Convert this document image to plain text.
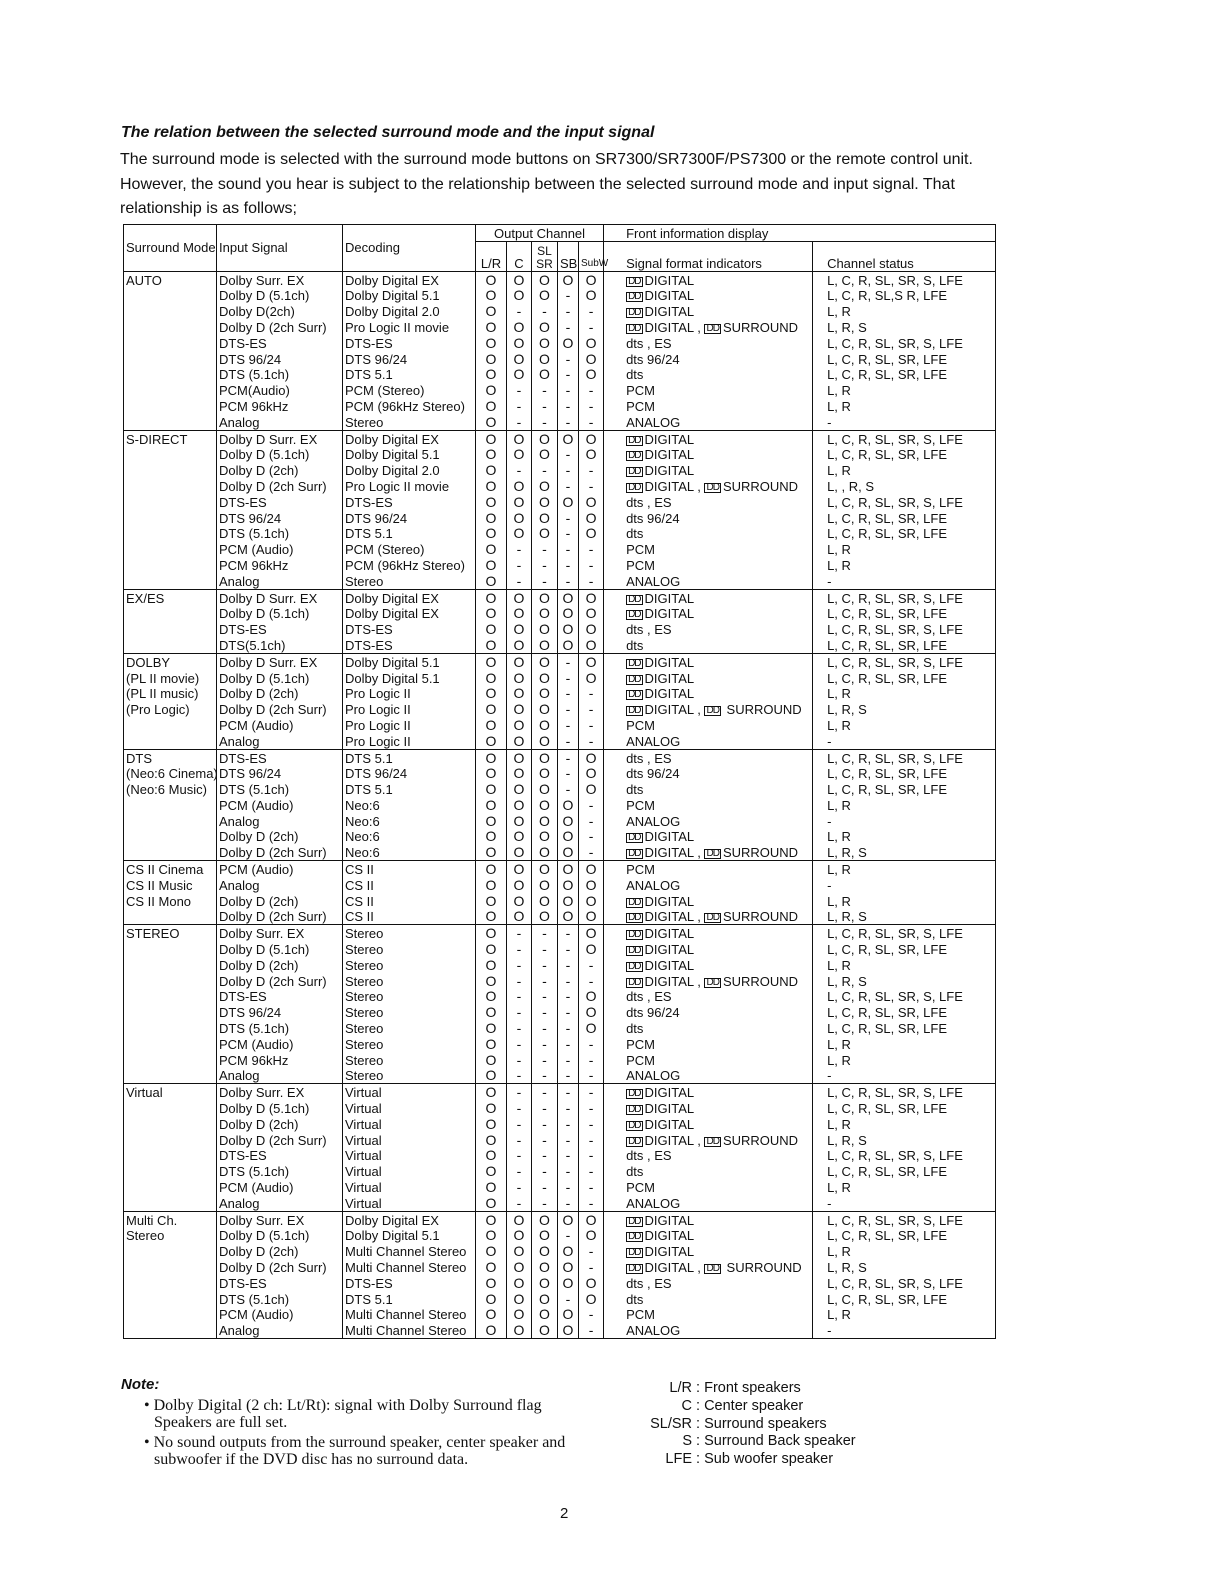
The relation between the selected surround mode and the input signal
The surround mode is selected with the surround mode buttons on SR7300/SR7300F/PS7300 or the remote control unit.
However, the sound you hear is subject to the relationship between the selected surround mode and input signal. That
relationship is as follows;
Surround Mode	Input Signal	Decoding	Output Channel					Front information display	
			L/R	C	SL SR	SB	SubW	Signal format indicators	Channel status
AUTO	Dolby Surr. EX	Dolby Digital EX	O	O	O	O	O	DD DIGITAL	L, C, R, SL, SR, S, LFE
	Dolby D (5.1ch)	Dolby Digital 5.1	O	O	O	-	O	DD DIGITAL	L, C, R, SL,S R, LFE
	Dolby D(2ch)	Dolby Digital 2.0	O	-	-	-	-	DD DIGITAL	L, R
	Dolby D (2ch Surr)	Pro Logic II movie	O	O	O	-	-	DD DIGITAL , DD SURROUND	L, R, S
	DTS-ES	DTS-ES	O	O	O	O	O	dts , ES	L, C, R, SL, SR, S, LFE
	DTS 96/24	DTS 96/24	O	O	O	-	O	dts 96/24	L, C, R, SL, SR, LFE
	DTS (5.1ch)	DTS 5.1	O	O	O	-	O	dts	L, C, R, SL, SR, LFE
	PCM(Audio)	PCM (Stereo)	O	-	-	-	-	PCM	L, R
	PCM 96kHz	PCM (96kHz Stereo)	O	-	-	-	-	PCM	L, R
	Analog	Stereo	O	-	-	-	-	ANALOG	-
S-DIRECT	Dolby D Surr. EX	Dolby Digital EX	O	O	O	O	O	DD DIGITAL	L, C, R, SL, SR, S, LFE
	Dolby D (5.1ch)	Dolby Digital 5.1	O	O	O	-	O	DD DIGITAL	L, C, R, SL, SR, LFE
	Dolby D (2ch)	Dolby Digital 2.0	O	-	-	-	-	DD DIGITAL	L, R
	Dolby D (2ch Surr)	Pro Logic II movie	O	O	O	-	-	DD DIGITAL , DD SURROUND	L, , R, S
	DTS-ES	DTS-ES	O	O	O	O	O	dts , ES	L, C, R, SL, SR, S, LFE
	DTS 96/24	DTS 96/24	O	O	O	-	O	dts 96/24	L, C, R, SL, SR, LFE
	DTS (5.1ch)	DTS 5.1	O	O	O	-	O	dts	L, C, R, SL, SR, LFE
	PCM (Audio)	PCM (Stereo)	O	-	-	-	-	PCM	L, R
	PCM 96kHz	PCM (96kHz Stereo)	O	-	-	-	-	PCM	L, R
	Analog	Stereo	O	-	-	-	-	ANALOG	-
EX/ES	Dolby D Surr. EX	Dolby Digital EX	O	O	O	O	O	DD DIGITAL	L, C, R, SL, SR, S, LFE
	Dolby D (5.1ch)	Dolby Digital EX	O	O	O	O	O	DD DIGITAL	L, C, R, SL, SR, LFE
	DTS-ES	DTS-ES	O	O	O	O	O	dts , ES	L, C, R, SL, SR, S, LFE
	DTS(5.1ch)	DTS-ES	O	O	O	O	O	dts	L, C, R, SL, SR, LFE
DOLBY	Dolby D Surr. EX	Dolby Digital 5.1	O	O	O	-	O	DD DIGITAL	L, C, R, SL, SR, S, LFE
(PL II movie)	Dolby D (5.1ch)	Dolby Digital 5.1	O	O	O	-	O	DD DIGITAL	L, C, R, SL, SR, LFE
(PL II music)	Dolby D (2ch)	Pro Logic II	O	O	O	-	-	DD DIGITAL	L, R
(Pro Logic)	Dolby D (2ch Surr)	Pro Logic II	O	O	O	-	-	DD DIGITAL , DD SURROUND	L, R, S
	PCM (Audio)	Pro Logic II	O	O	O	-	-	PCM	L, R
	Analog	Pro Logic II	O	O	O	-	-	ANALOG	-
DTS	DTS-ES	DTS 5.1	O	O	O	-	O	dts , ES	L, C, R, SL, SR, S, LFE
(Neo:6 Cinema)	DTS 96/24	DTS 96/24	O	O	O	-	O	dts 96/24	L, C, R, SL, SR, LFE
(Neo:6 Music)	DTS (5.1ch)	DTS 5.1	O	O	O	-	O	dts	L, C, R, SL, SR, LFE
	PCM (Audio)	Neo:6	O	O	O	O	-	PCM	L, R
	Analog	Neo:6	O	O	O	O	-	ANALOG	-
	Dolby D (2ch)	Neo:6	O	O	O	O	-	DD DIGITAL	L, R
	Dolby D (2ch Surr)	Neo:6	O	O	O	O	-	DD DIGITAL , DD SURROUND	L, R, S
CS II Cinema	PCM (Audio)	CS II	O	O	O	O	O	PCM	L, R
CS II Music	Analog	CS II	O	O	O	O	O	ANALOG	-
CS II Mono	Dolby D (2ch)	CS II	O	O	O	O	O	DD DIGITAL	L, R
	Dolby D (2ch Surr)	CS II	O	O	O	O	O	DD DIGITAL , DD SURROUND	L, R, S
STEREO	Dolby Surr. EX	Stereo	O	-	-	-	O	DD DIGITAL	L, C, R, SL, SR, S, LFE
	Dolby D (5.1ch)	Stereo	O	-	-	-	O	DD DIGITAL	L, C, R, SL, SR, LFE
	Dolby D (2ch)	Stereo	O	-	-	-	-	DD DIGITAL	L, R
	Dolby D (2ch Surr)	Stereo	O	-	-	-	-	DD DIGITAL , DD SURROUND	L, R, S
	DTS-ES	Stereo	O	-	-	-	O	dts , ES	L, C, R, SL, SR, S, LFE
	DTS 96/24	Stereo	O	-	-	-	O	dts 96/24	L, C, R, SL, SR, LFE
	DTS (5.1ch)	Stereo	O	-	-	-	O	dts	L, C, R, SL, SR, LFE
	PCM (Audio)	Stereo	O	-	-	-	-	PCM	L, R
	PCM 96kHz	Stereo	O	-	-	-	-	PCM	L, R
	Analog	Stereo	O	-	-	-	-	ANALOG	-
Virtual	Dolby Surr. EX	Virtual	O	-	-	-	-	DD DIGITAL	L, C, R, SL, SR, S, LFE
	Dolby D (5.1ch)	Virtual	O	-	-	-	-	DD DIGITAL	L, C, R, SL, SR, LFE
	Dolby D (2ch)	Virtual	O	-	-	-	-	DD DIGITAL	L, R
	Dolby D (2ch Surr)	Virtual	O	-	-	-	-	DD DIGITAL , DD SURROUND	L, R, S
	DTS-ES	Virtual	O	-	-	-	-	dts , ES	L, C, R, SL, SR, S, LFE
	DTS (5.1ch)	Virtual	O	-	-	-	-	dts	L, C, R, SL, SR, LFE
	PCM (Audio)	Virtual	O	-	-	-	-	PCM	L, R
	Analog	Virtual	O	-	-	-	-	ANALOG	-
Multi Ch.	Dolby Surr. EX	Dolby Digital EX	O	O	O	O	O	DD DIGITAL	L, C, R, SL, SR, S, LFE
Stereo	Dolby D (5.1ch)	Dolby Digital 5.1	O	O	O	-	O	DD DIGITAL	L, C, R, SL, SR, LFE
	Dolby D (2ch)	Multi Channel Stereo	O	O	O	O	-	DD DIGITAL	L, R
	Dolby D (2ch Surr)	Multi Channel Stereo	O	O	O	O	-	DD DIGITAL , DD SURROUND	L, R, S
	DTS-ES	DTS-ES	O	O	O	O	O	dts , ES	L, C, R, SL, SR, S, LFE
	DTS (5.1ch)	DTS 5.1	O	O	O	-	O	dts	L, C, R, SL, SR, LFE
	PCM (Audio)	Multi Channel Stereo	O	O	O	O	-	PCM	L, R
	Analog	Multi Channel Stereo	O	O	O	O	-	ANALOG	-
Note:
• Dolby Digital (2 ch: Lt/Rt): signal with Dolby Surround flag Speakers are full set.
• No sound outputs from the surround speaker, center speaker and subwoofer if the DVD disc has no surround data.
L/R : Front speakers
C : Center speaker
SL/SR : Surround speakers
S : Surround Back speaker
LFE : Sub woofer speaker
2
